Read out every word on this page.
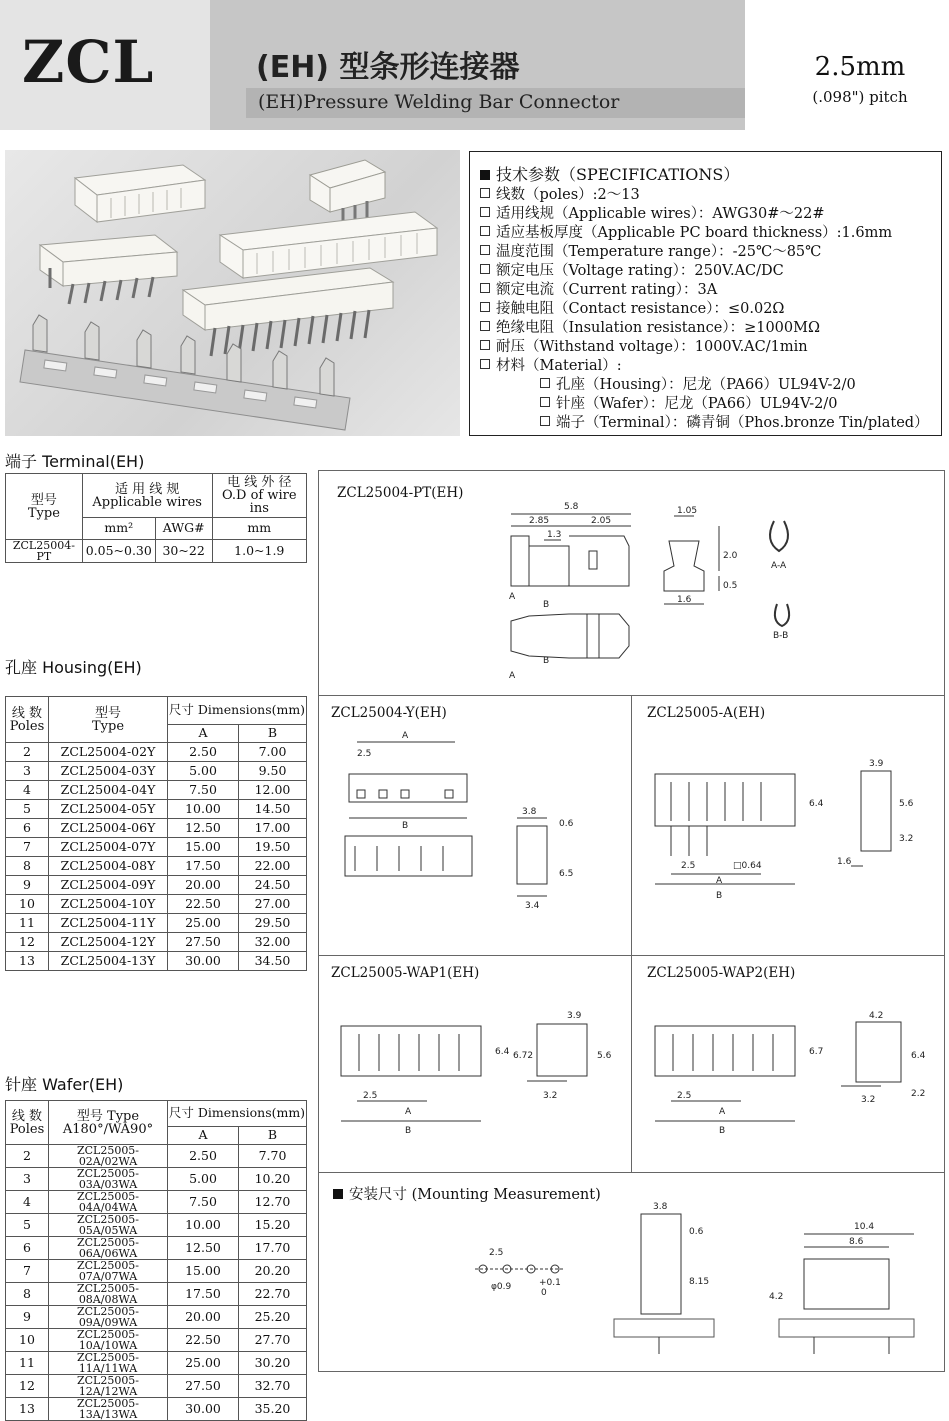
ZCL	(EH) 型条形连接器
(EH)Pressure Welding Bar Connector
2.5mm
(.098") pitch
技术参数（SPECIFICATIONS）
线数（poles）:2～13
适用线规（Applicable wires）：AWG30#～22#
适应基板厚度（Applicable PC board thickness）:1.6mm
温度范围（Temperature range）：-25℃～85℃
额定电压（Voltage rating）：250V.AC/DC
额定电流（Current rating）：3A
接触电阻（Contact resistance）：≤0.02Ω
绝缘电阻（Insulation resistance）：≥1000MΩ
耐压（Withstand voltage）：1000V.AC/1min
材料（Material）:
孔座（Housing）：尼龙（PA66）UL94V-2/0
针座（Wafer）：尼龙（PA66）UL94V-2/0
端子（Terminal）：磷青铜（Phos.bronze Tin/plated）
端子 Terminal(EH)
型号
Type	适 用 线 规
Applicable wires		电 线 外 径
O.D of wire ins
	mm²	AWG#	mm
ZCL25004-PT	0.05~0.30	30~22	1.0~1.9
孔座 Housing(EH)
线 数
Poles	型号
Type	尺寸 Dimensions(mm)	
		A	B
2	ZCL25004-02Y	2.50	7.00
3	ZCL25004-03Y	5.00	9.50
4	ZCL25004-04Y	7.50	12.00
5	ZCL25004-05Y	10.00	14.50
6	ZCL25004-06Y	12.50	17.00
7	ZCL25004-07Y	15.00	19.50
8	ZCL25004-08Y	17.50	22.00
9	ZCL25004-09Y	20.00	24.50
10	ZCL25004-10Y	22.50	27.00
11	ZCL25004-11Y	25.00	29.50
12	ZCL25004-12Y	27.50	32.00
13	ZCL25004-13Y	30.00	34.50
针座 Wafer(EH)
线 数
Poles	型号 Type
A180°/WA90°	尺寸 Dimensions(mm)	
		A	B
2	ZCL25005-02A/02WA	2.50	7.70
3	ZCL25005-03A/03WA	5.00	10.20
4	ZCL25005-04A/04WA	7.50	12.70
5	ZCL25005-05A/05WA	10.00	15.20
6	ZCL25005-06A/06WA	12.50	17.70
7	ZCL25005-07A/07WA	15.00	20.20
8	ZCL25005-08A/08WA	17.50	22.70
9	ZCL25005-09A/09WA	20.00	25.20
10	ZCL25005-10A/10WA	22.50	27.70
11	ZCL25005-11A/11WA	25.00	30.20
12	ZCL25005-12A/12WA	27.50	32.70
13	ZCL25005-13A/13WA	30.00	35.20
ZCL25004-PT(EH)
ZCL25004-Y(EH)	ZCL25005-A(EH)
ZCL25005-WAP1(EH)	ZCL25005-WAP2(EH)
安装尺寸 (Mounting Measurement)
5.8
2.85	2.05
1.3
1.05
2.0
1.6
0.5
A-A
B-B
A
B
A
B
A
2.5
B
3.8
0.6
6.5
3.4
6.4
2.5	□0.64
A
B
3.9
5.6
3.2
1.6
6.4
2.5
A
B
3.9
6.72	5.6
3.2
6.7
2.5
A
B
4.2
6.4
2.2
3.2
2.5
φ0.9	+0.1
0
3.8
0.6
8.15
10.4
8.6
4.2
